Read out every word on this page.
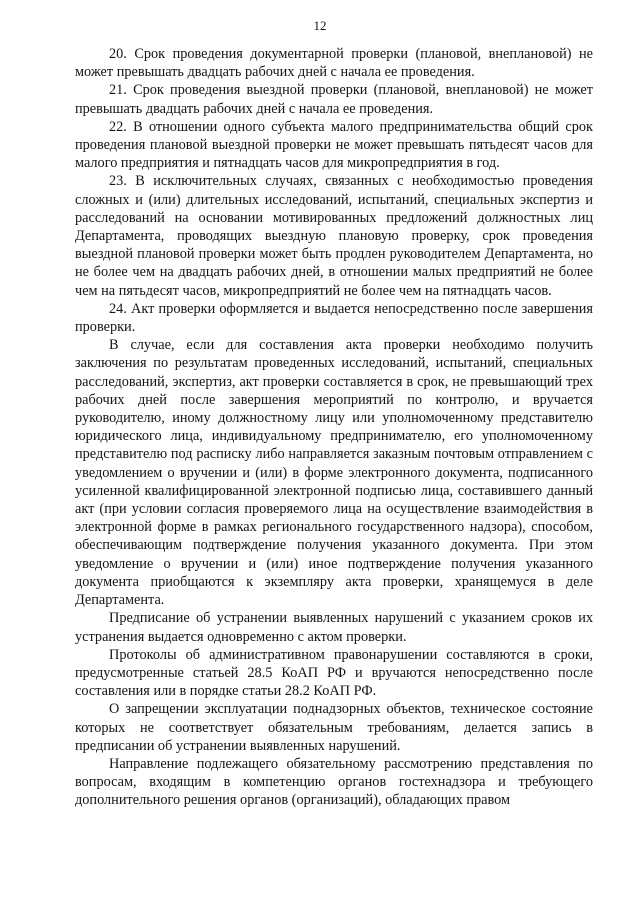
12

20. Срок проведения документарной проверки (плановой, внеплановой) не может превышать двадцать рабочих дней с начала ее проведения.

21. Срок проведения выездной проверки (плановой, внеплановой) не может превышать двадцать рабочих дней с начала ее проведения.

22. В отношении одного субъекта малого предпринимательства общий срок проведения плановой выездной проверки не может превышать пятьдесят часов для малого предприятия и пятнадцать часов для микропредприятия в год.

23. В исключительных случаях, связанных с необходимостью проведения сложных и (или) длительных исследований, испытаний, специальных экспертиз и расследований на основании мотивированных предложений должностных лиц Департамента, проводящих выездную плановую проверку, срок проведения выездной плановой проверки может быть продлен руководителем Департамента, но не более чем на двадцать рабочих дней, в отношении малых предприятий не более чем на пятьдесят часов, микропредприятий не более чем на пятнадцать часов.

24. Акт проверки оформляется и выдается непосредственно после завершения проверки.

В случае, если для составления акта проверки необходимо получить заключения по результатам проведенных исследований, испытаний, специальных расследований, экспертиз, акт проверки составляется в срок, не превышающий трех рабочих дней после завершения мероприятий по контролю, и вручается руководителю, иному должностному лицу или уполномоченному представителю юридического лица, индивидуальному предпринимателю, его уполномоченному представителю под расписку либо направляется заказным почтовым отправлением с уведомлением о вручении и (или) в форме электронного документа, подписанного усиленной квалифицированной электронной подписью лица, составившего данный акт (при условии согласия проверяемого лица на осуществление взаимодействия в электронной форме в рамках регионального государственного надзора), способом, обеспечивающим подтверждение получения указанного документа. При этом уведомление о вручении и (или) иное подтверждение получения указанного документа приобщаются к экземпляру акта проверки, хранящемуся в деле Департамента.

Предписание об устранении выявленных нарушений с указанием сроков их устранения выдается одновременно с актом проверки.

Протоколы об административном правонарушении составляются в сроки, предусмотренные статьей 28.5 КоАП РФ и вручаются непосредственно после составления или в порядке статьи 28.2 КоАП РФ.

О запрещении эксплуатации поднадзорных объектов, техническое состояние которых не соответствует обязательным требованиям, делается запись в предписании об устранении выявленных нарушений.

Направление подлежащего обязательному рассмотрению представления по вопросам, входящим в компетенцию органов гостехнадзора и требующего дополнительного решения органов (организаций), обладающих правом
